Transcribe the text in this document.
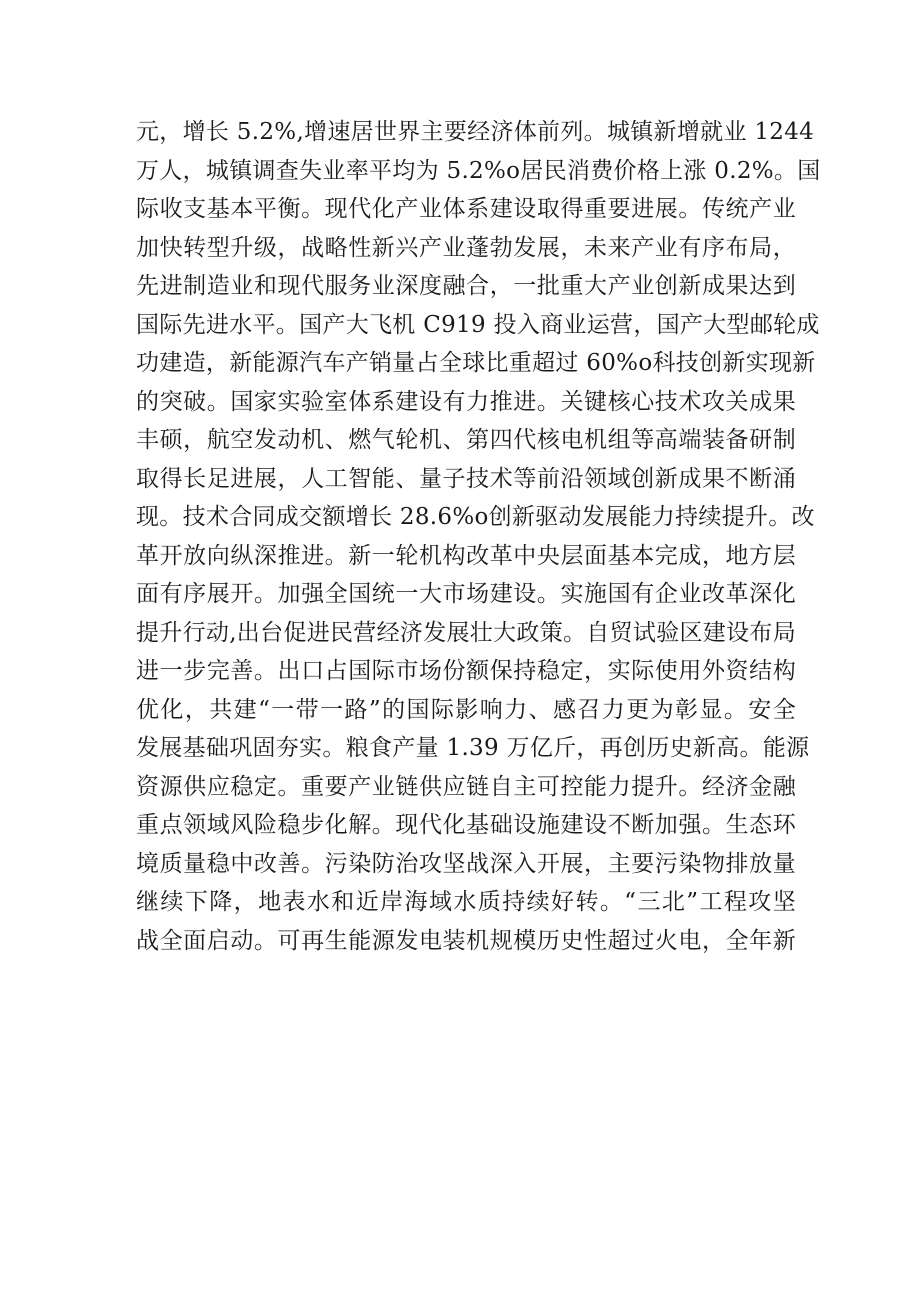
元，增长 5.2%,增速居世界主要经济体前列。城镇新增就业 1244
万人，城镇调查失业率平均为 5.2%o居民消费价格上涨 0.2%。国
际收支基本平衡。现代化产业体系建设取得重要进展。传统产业
加快转型升级，战略性新兴产业蓬勃发展，未来产业有序布局，
先进制造业和现代服务业深度融合，一批重大产业创新成果达到
国际先进水平。国产大飞机 C919 投入商业运营，国产大型邮轮成
功建造，新能源汽车产销量占全球比重超过 60%o科技创新实现新
的突破。国家实验室体系建设有力推进。关键核心技术攻关成果
丰硕，航空发动机、燃气轮机、第四代核电机组等高端装备研制
取得长足进展，人工智能、量子技术等前沿领域创新成果不断涌
现。技术合同成交额增长 28.6%o创新驱动发展能力持续提升。改
革开放向纵深推进。新一轮机构改革中央层面基本完成，地方层
面有序展开。加强全国统一大市场建设。实施国有企业改革深化
提升行动,出台促进民营经济发展壮大政策。自贸试验区建设布局
进一步完善。出口占国际市场份额保持稳定，实际使用外资结构
优化，共建“一带一路”的国际影响力、感召力更为彰显。安全
发展基础巩固夯实。粮食产量 1.39 万亿斤，再创历史新高。能源
资源供应稳定。重要产业链供应链自主可控能力提升。经济金融
重点领域风险稳步化解。现代化基础设施建设不断加强。生态环
境质量稳中改善。污染防治攻坚战深入开展，主要污染物排放量
继续下降，地表水和近岸海域水质持续好转。“三北”工程攻坚
战全面启动。可再生能源发电装机规模历史性超过火电，全年新
